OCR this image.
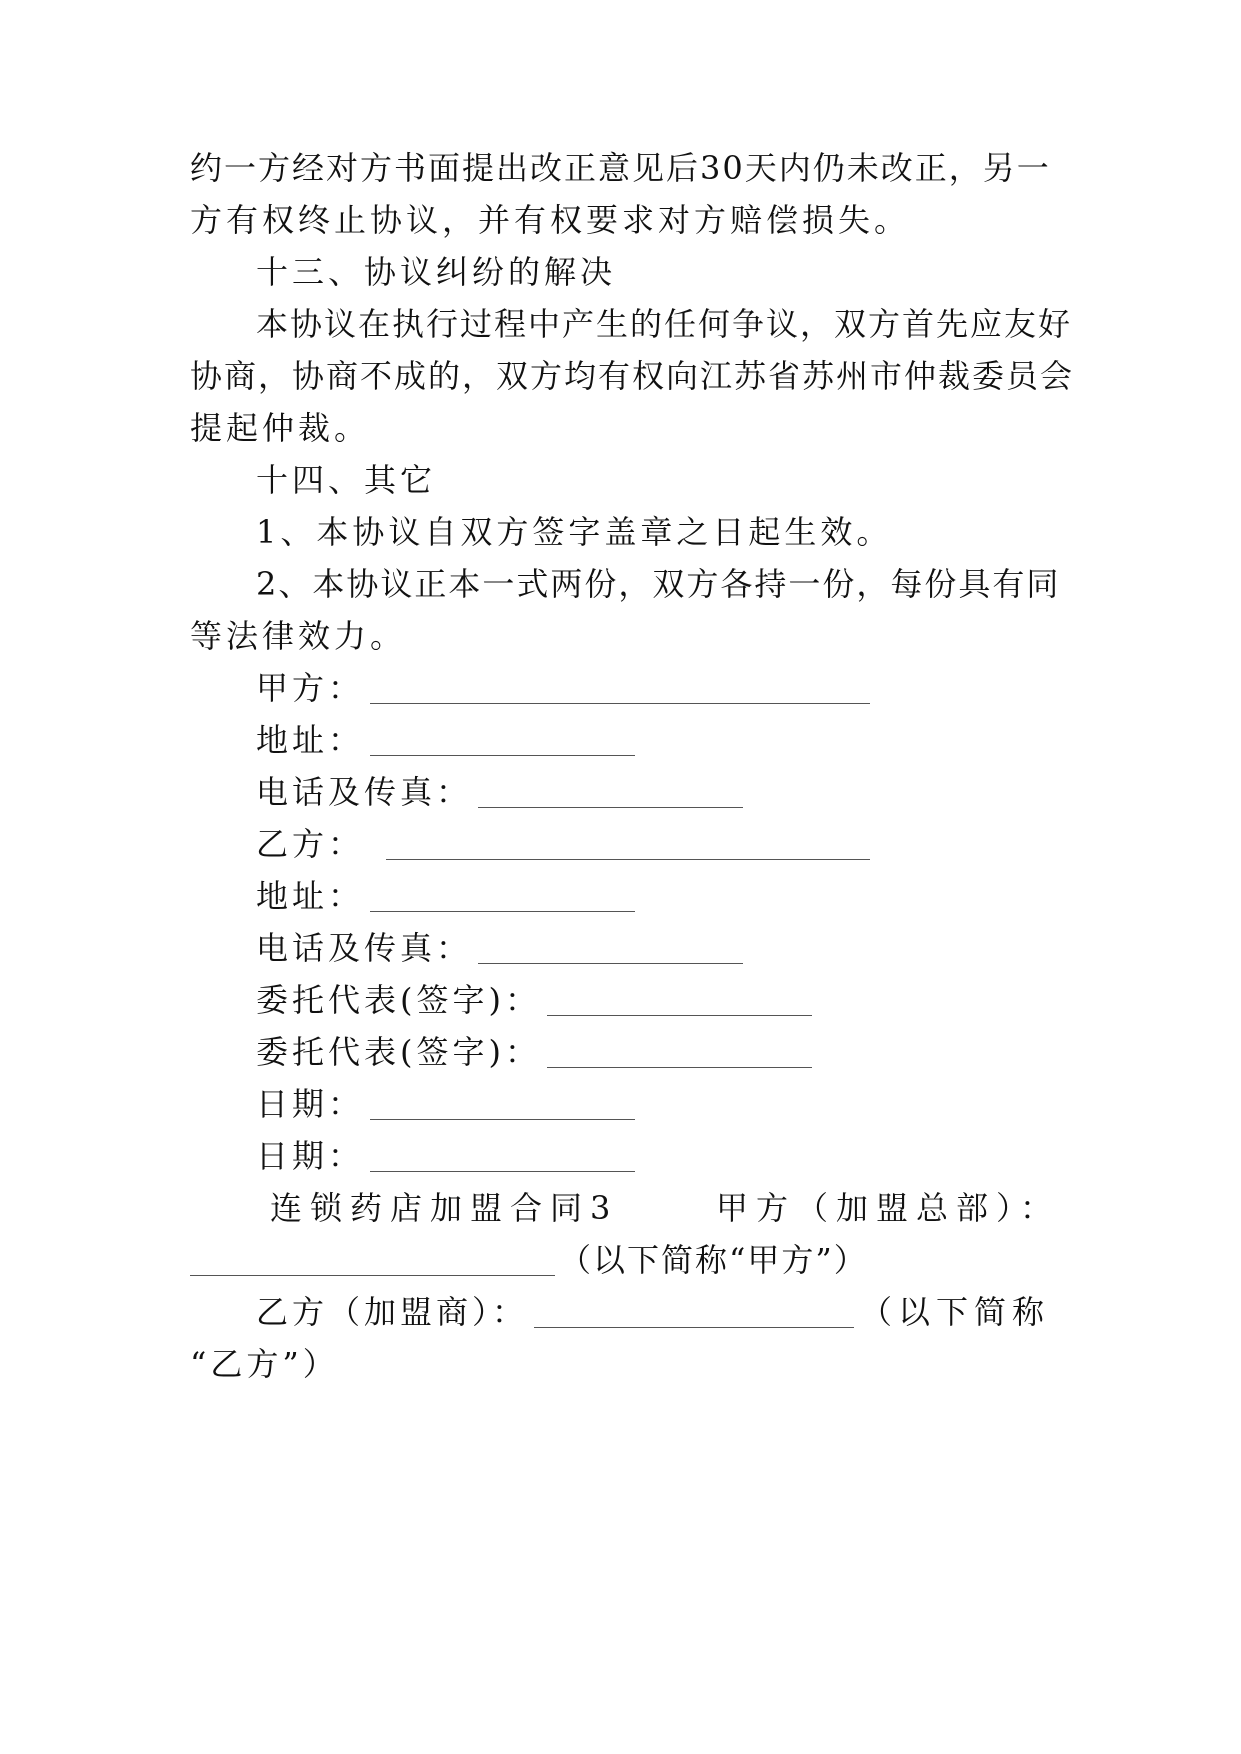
约一方经对方书面提出改正意见后30天内仍未改正，另一
方有权终止协议，并有权要求对方赔偿损失。
十三、协议纠纷的解决
本协议在执行过程中产生的任何争议，双方首先应友好
协商，协商不成的，双方均有权向江苏省苏州市仲裁委员会
提起仲裁。
十四、其它
1、本协议自双方签字盖章之日起生效。
2、本协议正本一式两份，双方各持一份，每份具有同
等法律效力。
甲方：
地址：
电话及传真：
乙方：
地址：
电话及传真：
委托代表(签字)：
委托代表(签字)：
日期：
日期：
连锁药店加盟合同3	甲方（加盟总部）：
（以下简称“甲方”）
乙方（加盟商）：	（以下简称
“乙方”）
